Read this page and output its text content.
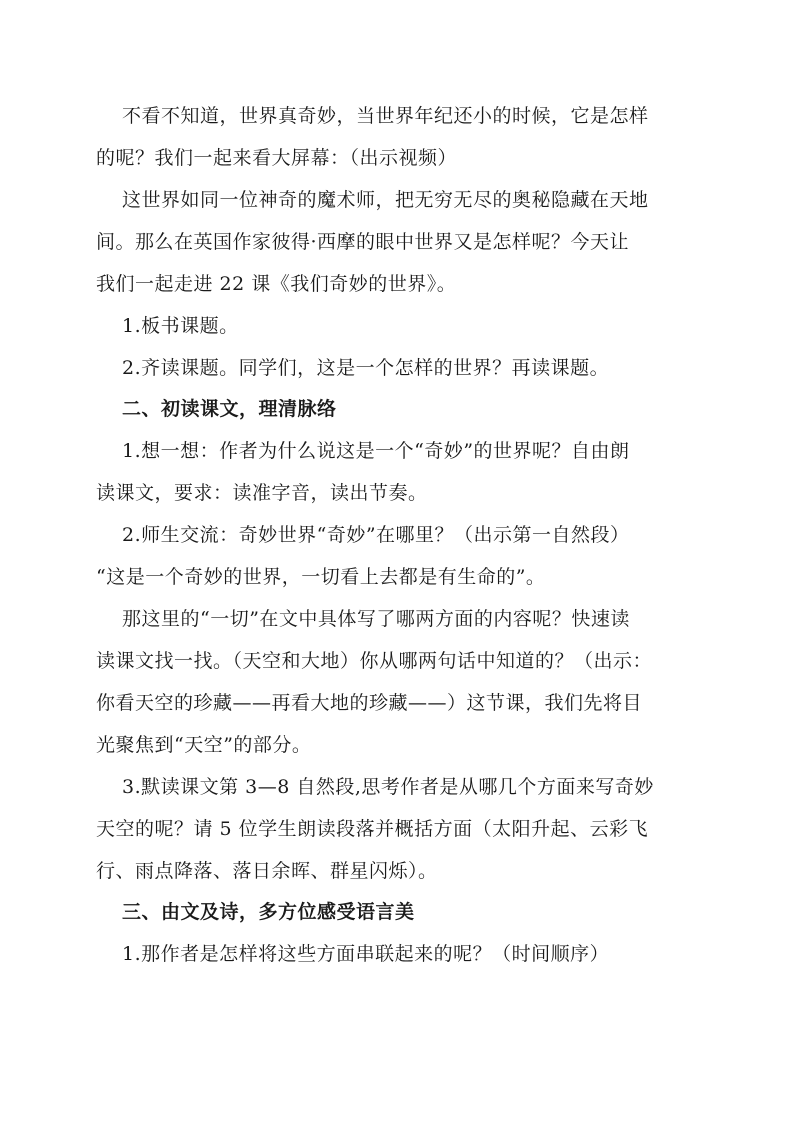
不看不知道，世界真奇妙，当世界年纪还小的时候，它是怎样
的呢？我们一起来看大屏幕：（出示视频）
这世界如同一位神奇的魔术师，把无穷无尽的奥秘隐藏在天地
间。那么在英国作家彼得·西摩的眼中世界又是怎样呢？今天让
我们一起走进 22 课《我们奇妙的世界》。
1.板书课题。
2.齐读课题。同学们，这是一个怎样的世界？再读课题。
二、初读课文，理清脉络
1.想一想：作者为什么说这是一个“奇妙”的世界呢？自由朗
读课文，要求：读准字音，读出节奏。
2.师生交流：奇妙世界“奇妙”在哪里？（出示第一自然段）
“这是一个奇妙的世界，一切看上去都是有生命的”。
那这里的“一切”在文中具体写了哪两方面的内容呢？快速读
读课文找一找。（天空和大地）你从哪两句话中知道的？（出示：
你看天空的珍藏——再看大地的珍藏——）这节课，我们先将目
光聚焦到“天空”的部分。
3.默读课文第 3—8 自然段,思考作者是从哪几个方面来写奇妙
天空的呢？请 5 位学生朗读段落并概括方面（太阳升起、云彩飞
行、雨点降落、落日余晖、群星闪烁）。
三、由文及诗，多方位感受语言美
1.那作者是怎样将这些方面串联起来的呢？（时间顺序）
